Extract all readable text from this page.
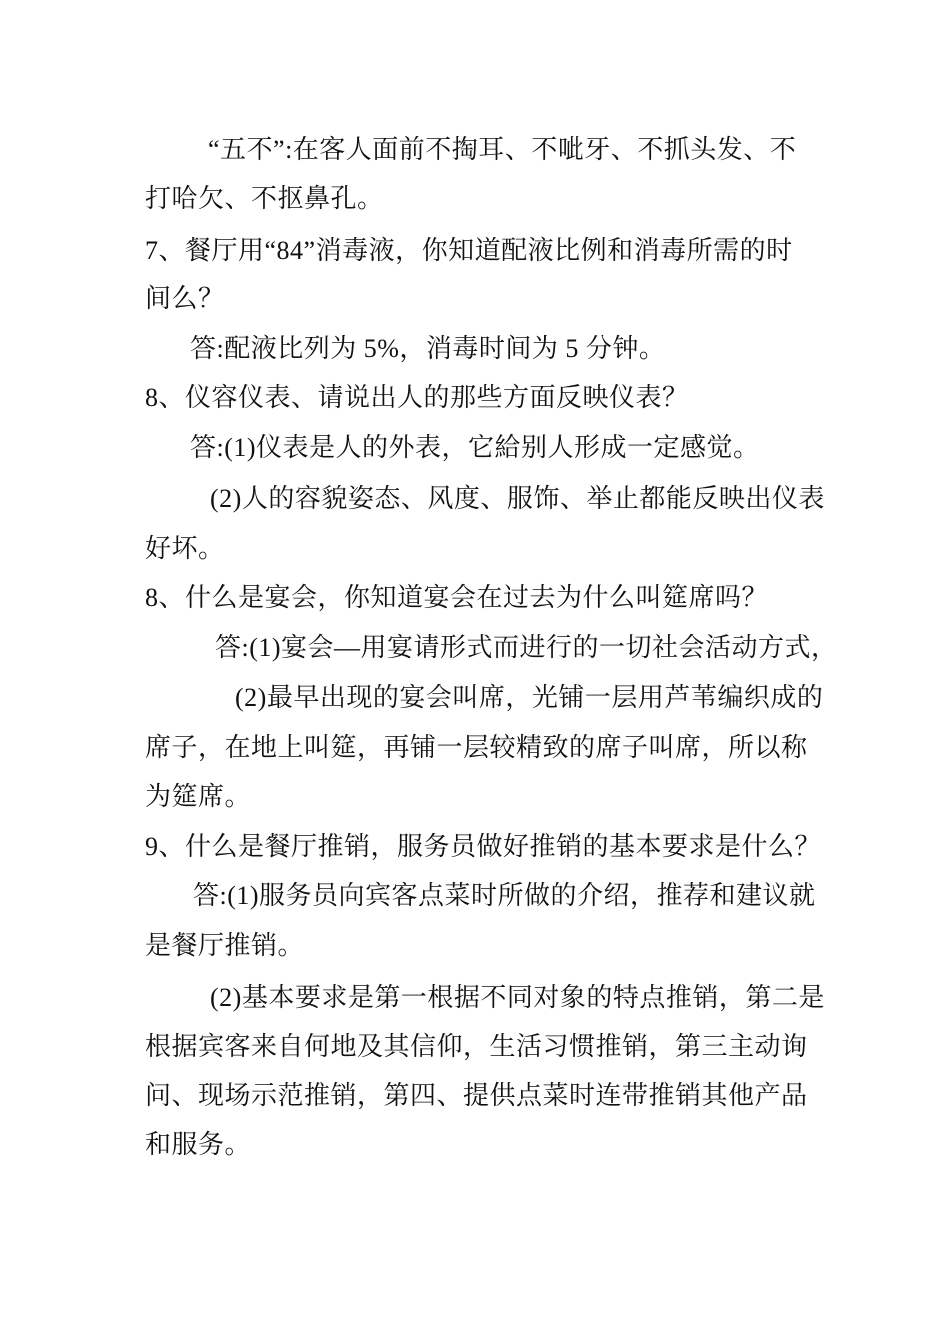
“五不”:在客人面前不掏耳、不呲牙、不抓头发、不
打哈欠、不抠鼻孔。
7、餐厅用“84”消毒液，你知道配液比例和消毒所需的时
间么？
答:配液比列为 5%，消毒时间为 5 分钟。
8、仪容仪表、请说出人的那些方面反映仪表？
答:(1)仪表是人的外表，它給别人形成一定感觉。
(2)人的容貌姿态、风度、服饰、举止都能反映出仪表
好坏。
8、什么是宴会，你知道宴会在过去为什么叫筵席吗？
答:(1)宴会—用宴请形式而进行的一切社会活动方式，
(2)最早出现的宴会叫席，光铺一层用芦苇编织成的
席子，在地上叫筵，再铺一层较精致的席子叫席，所以称
为筵席。
9、什么是餐厅推销，服务员做好推销的基本要求是什么？
答:(1)服务员向宾客点菜时所做的介绍，推荐和建议就
是餐厅推销。
(2)基本要求是第一根据不同对象的特点推销，第二是
根据宾客来自何地及其信仰，生活习惯推销，第三主动询
问、现场示范推销，第四、提供点菜时连带推销其他产品
和服务。
